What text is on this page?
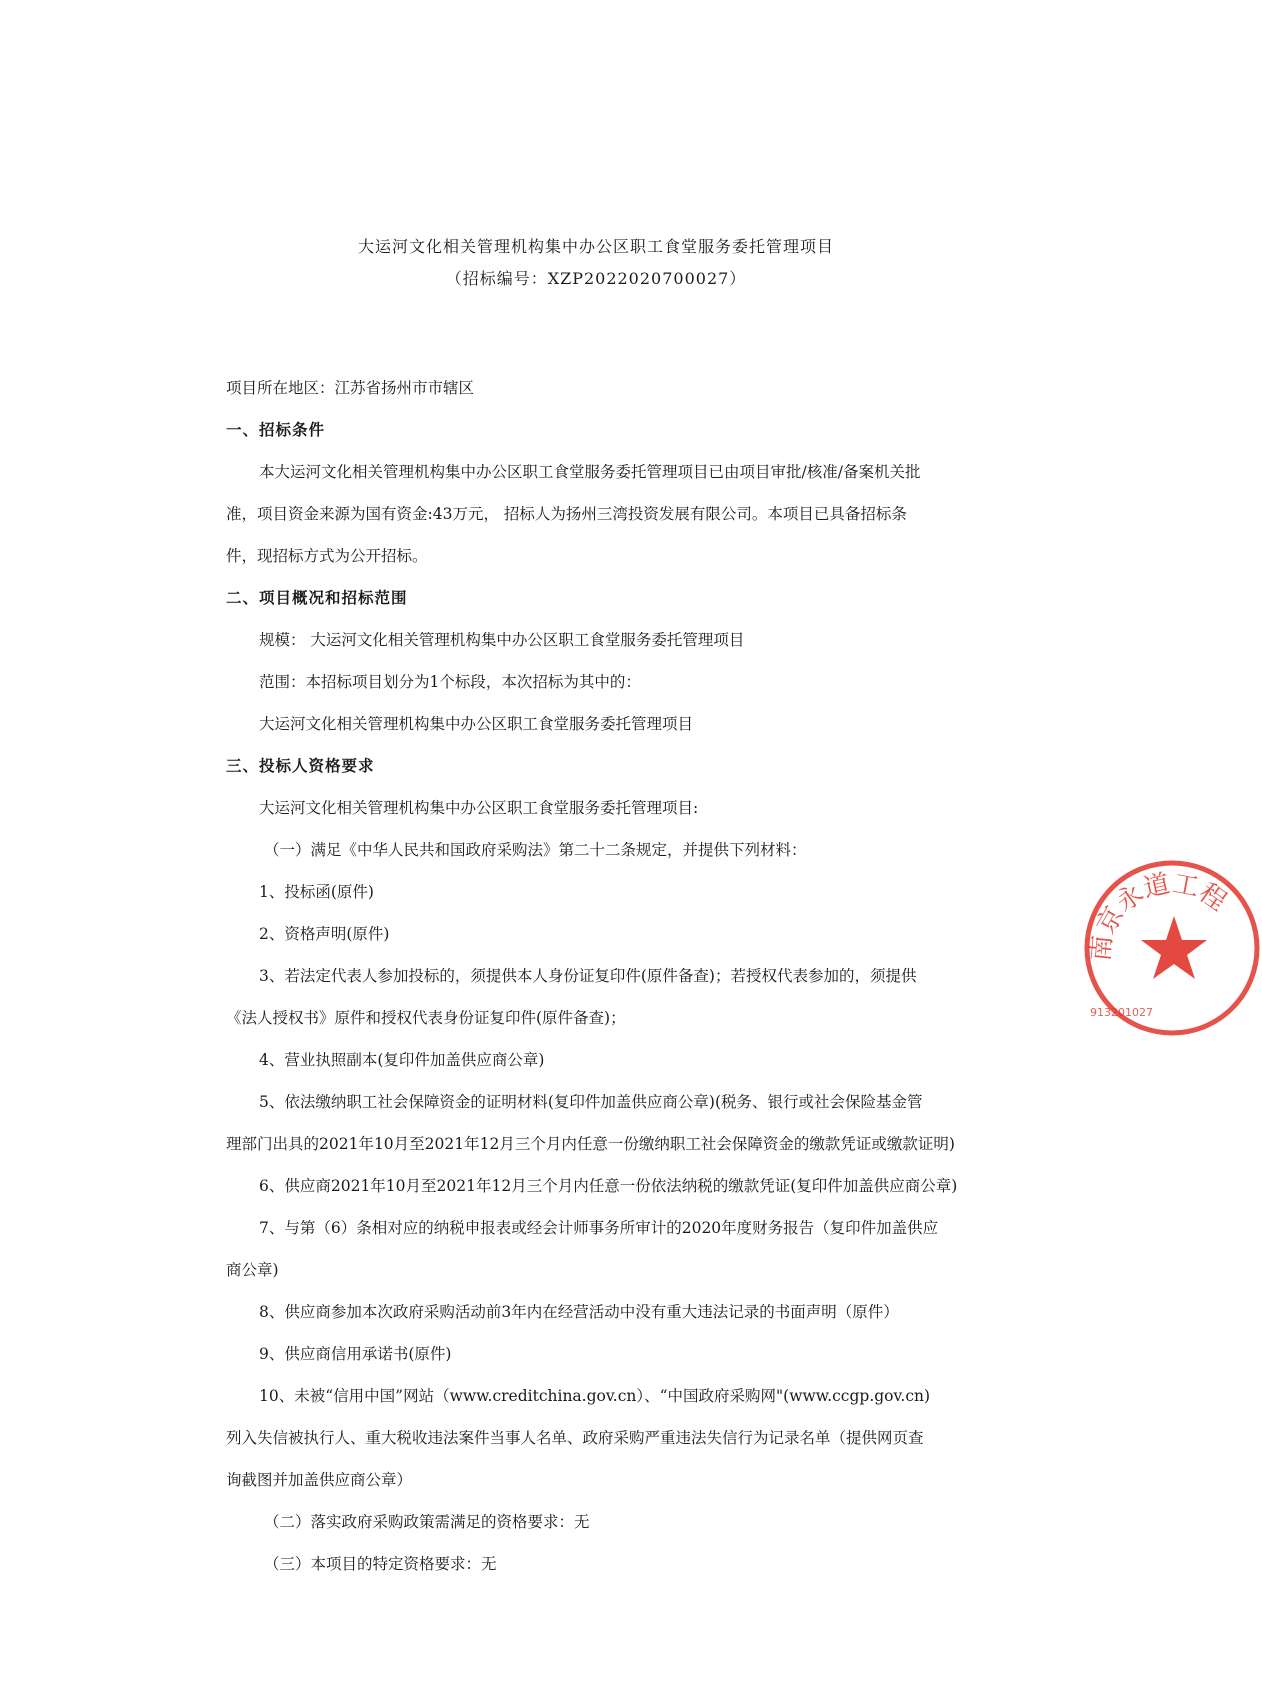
大运河文化相关管理机构集中办公区职工食堂服务委托管理项目
（招标编号：XZP2022020700027）
项目所在地区：江苏省扬州市市辖区
一、招标条件
本大运河文化相关管理机构集中办公区职工食堂服务委托管理项目已由项目审批/核准/备案机关批
准，项目资金来源为国有资金:43万元， 招标人为扬州三湾投资发展有限公司。本项目已具备招标条
件，现招标方式为公开招标。
二、项目概况和招标范围
规模： 大运河文化相关管理机构集中办公区职工食堂服务委托管理项目
范围：本招标项目划分为1个标段，本次招标为其中的：
大运河文化相关管理机构集中办公区职工食堂服务委托管理项目
三、投标人资格要求
大运河文化相关管理机构集中办公区职工食堂服务委托管理项目:
（一）满足《中华人民共和国政府采购法》第二十二条规定，并提供下列材料：
1、投标函(原件)
2、资格声明(原件)
3、若法定代表人参加投标的，须提供本人身份证复印件(原件备查)；若授权代表参加的，须提供
《法人授权书》原件和授权代表身份证复印件(原件备查)；
4、营业执照副本(复印件加盖供应商公章)
5、依法缴纳职工社会保障资金的证明材料(复印件加盖供应商公章)(税务、银行或社会保险基金管
理部门出具的2021年10月至2021年12月三个月内任意一份缴纳职工社会保障资金的缴款凭证或缴款证明)
6、供应商2021年10月至2021年12月三个月内任意一份依法纳税的缴款凭证(复印件加盖供应商公章)
7、与第（6）条相对应的纳税申报表或经会计师事务所审计的2020年度财务报告（复印件加盖供应
商公章)
8、供应商参加本次政府采购活动前3年内在经营活动中没有重大违法记录的书面声明（原件）
9、供应商信用承诺书(原件)
10、未被“信用中国”网站（www.creditchina.gov.cn）、“中国政府采购网"(www.ccgp.gov.cn)
列入失信被执行人、重大税收违法案件当事人名单、政府采购严重违法失信行为记录名单（提供网页查
询截图并加盖供应商公章）
（二）落实政府采购政策需满足的资格要求：无
（三）本项目的特定资格要求：无
南京永道工程
913201027
